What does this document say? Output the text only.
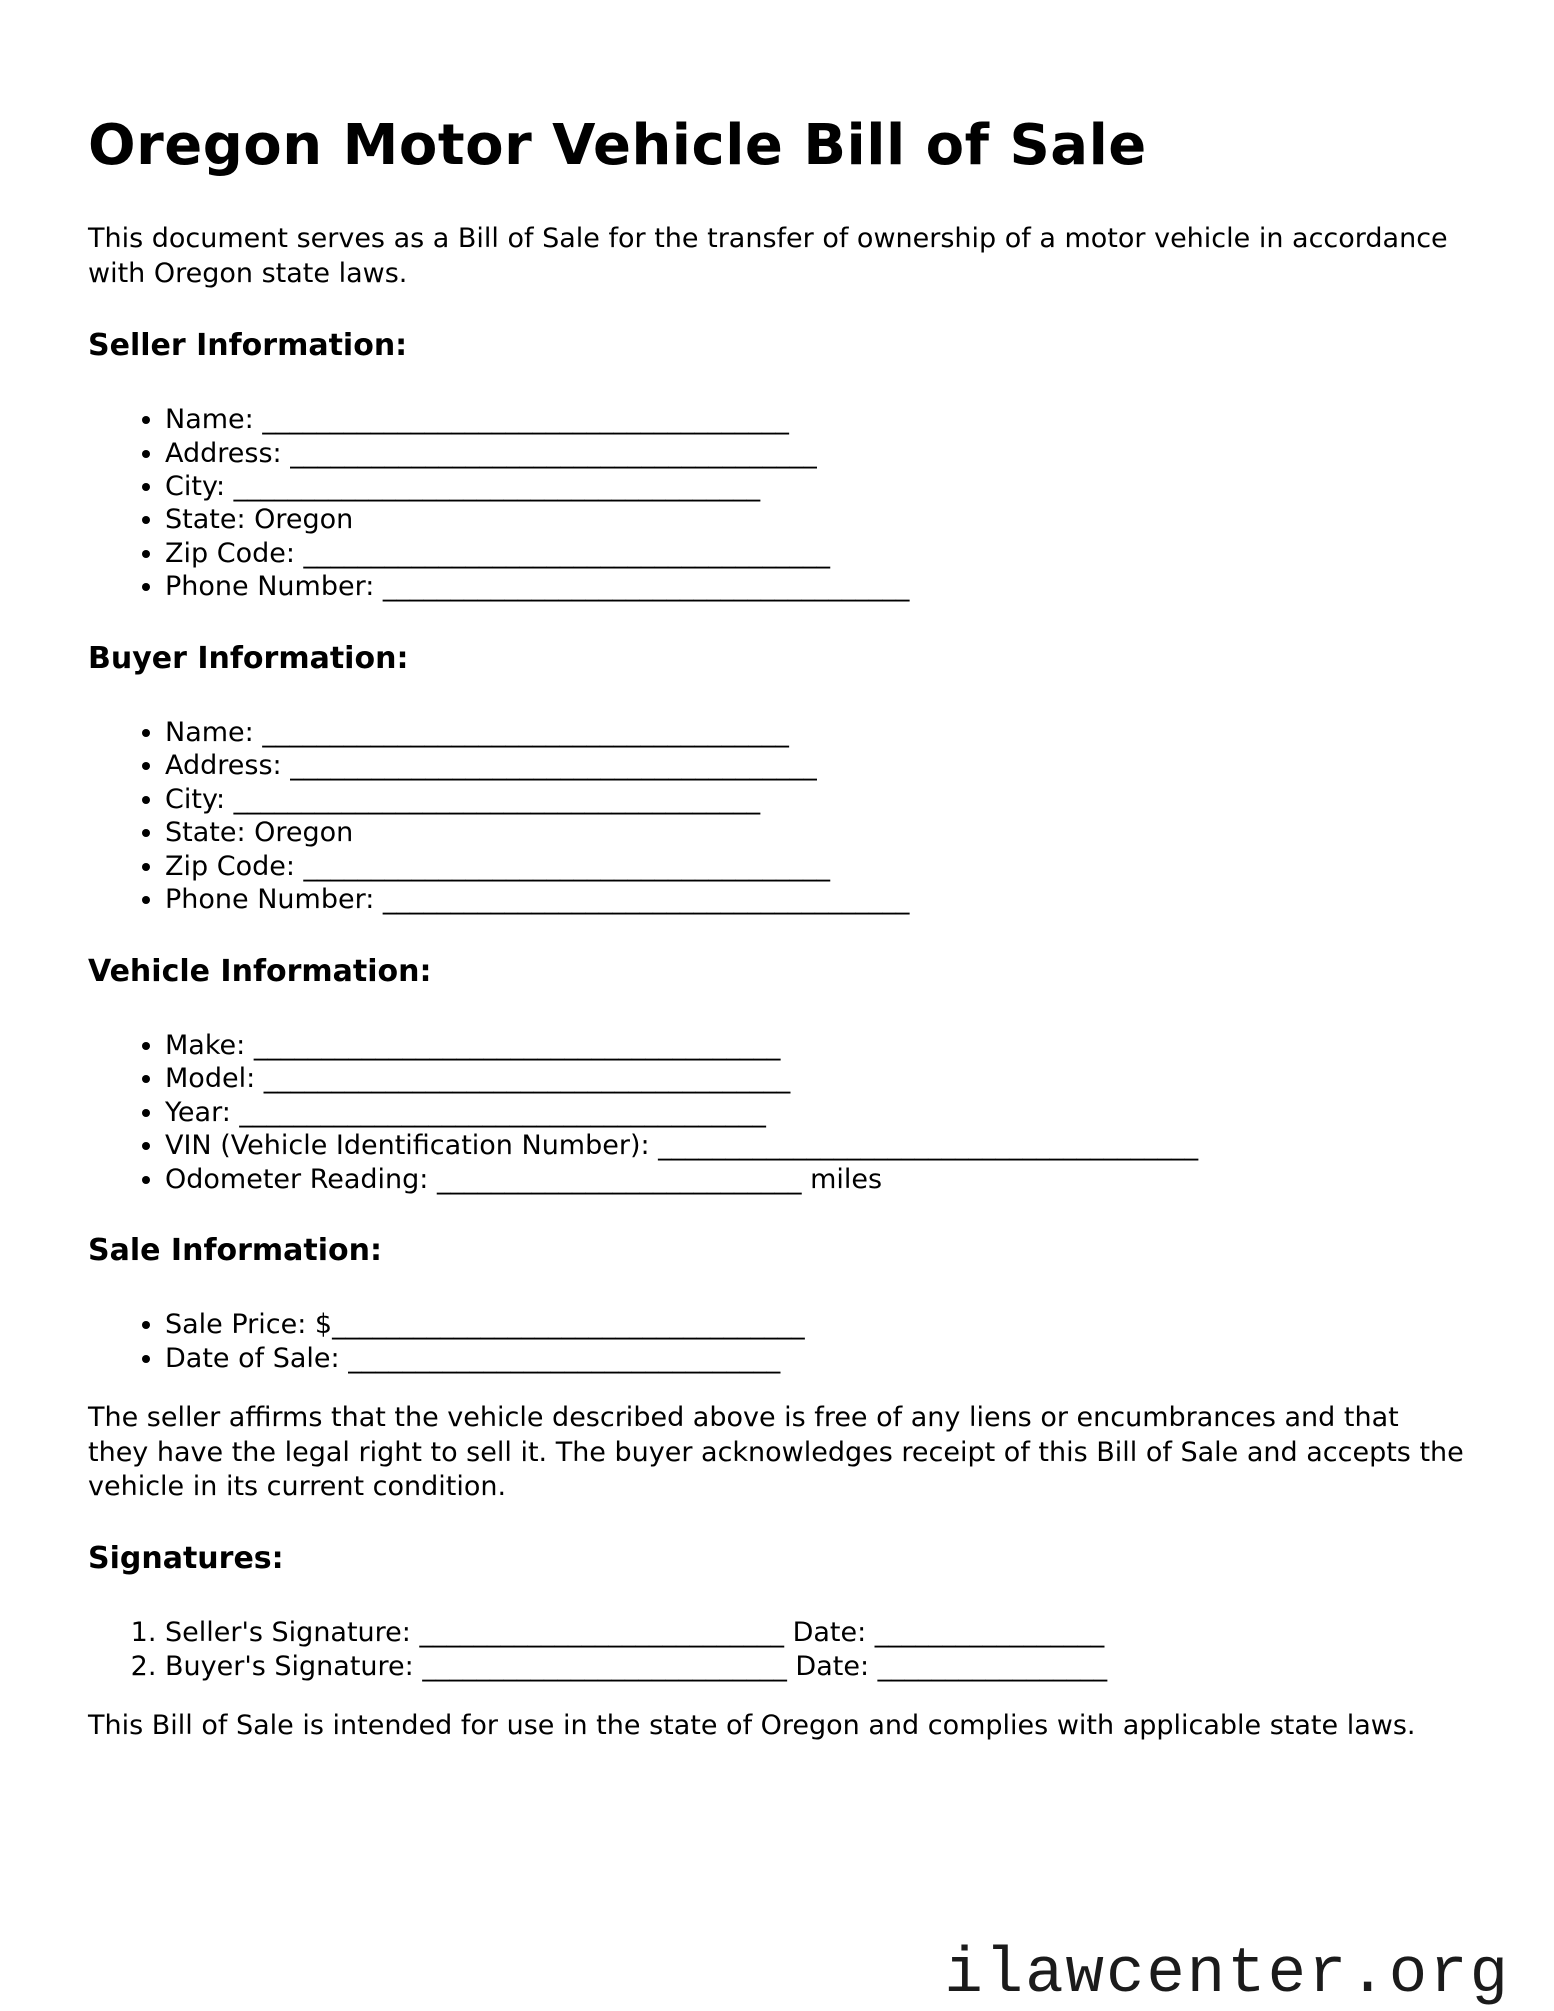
Oregon Motor Vehicle Bill of Sale

This document serves as a Bill of Sale for the transfer of ownership of a motor vehicle in accordance with Oregon state laws.

Seller Information:
• Name: _______________________________________
• Address: _______________________________________
• City: _______________________________________
• State: Oregon
• Zip Code: _______________________________________
• Phone Number: _______________________________________
Buyer Information:
• Name: _______________________________________
• Address: _______________________________________
• City: _______________________________________
• State: Oregon
• Zip Code: _______________________________________
• Phone Number: _______________________________________
Vehicle Information:
• Make: _______________________________________
• Model: _______________________________________
• Year: _______________________________________
• VIN (Vehicle Identification Number): ________________________________________
• Odometer Reading: ___________________________ miles
Sale Information:
• Sale Price: $___________________________________
• Date of Sale: ________________________________

The seller affirms that the vehicle described above is free of any liens or encumbrances and that they have the legal right to sell it. The buyer acknowledges receipt of this Bill of Sale and accepts the vehicle in its current condition.

Signatures:
1. Seller's Signature: ___________________________ Date: _________________
2. Buyer's Signature: ___________________________ Date: _________________

This Bill of Sale is intended for use in the state of Oregon and complies with applicable state laws.

ilawcenter.org
